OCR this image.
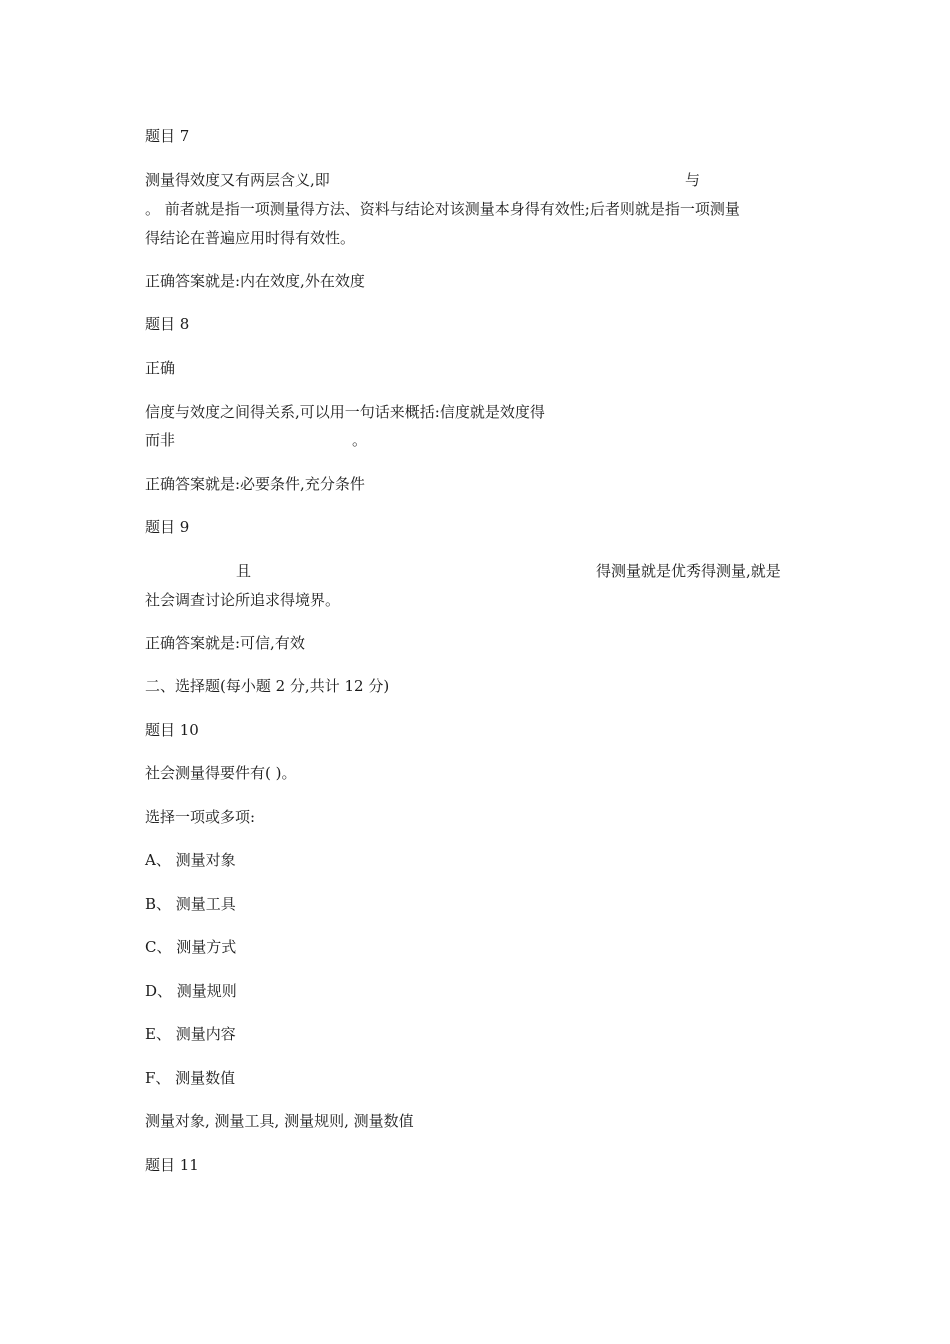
题目 7
测量得效度又有两层含义,即	与
。 前者就是指一项测量得方法、资料与结论对该测量本身得有效性;后者则就是指一项测量
得结论在普遍应用时得有效性。
正确答案就是:内在效度,外在效度
题目 8
正确
信度与效度之间得关系,可以用一句话来概括:信度就是效度得
而非	。
正确答案就是:必要条件,充分条件
题目 9
且	得测量就是优秀得测量,就是
社会调查讨论所追求得境界。
正确答案就是:可信,有效
二、选择题(每小题 2 分,共计 12 分)
题目 10
社会测量得要件有( )。
选择一项或多项:
A、 测量对象
B、 测量工具
C、 测量方式
D、 测量规则
E、 测量内容
F、 测量数值
测量对象, 测量工具, 测量规则, 测量数值
题目 11
